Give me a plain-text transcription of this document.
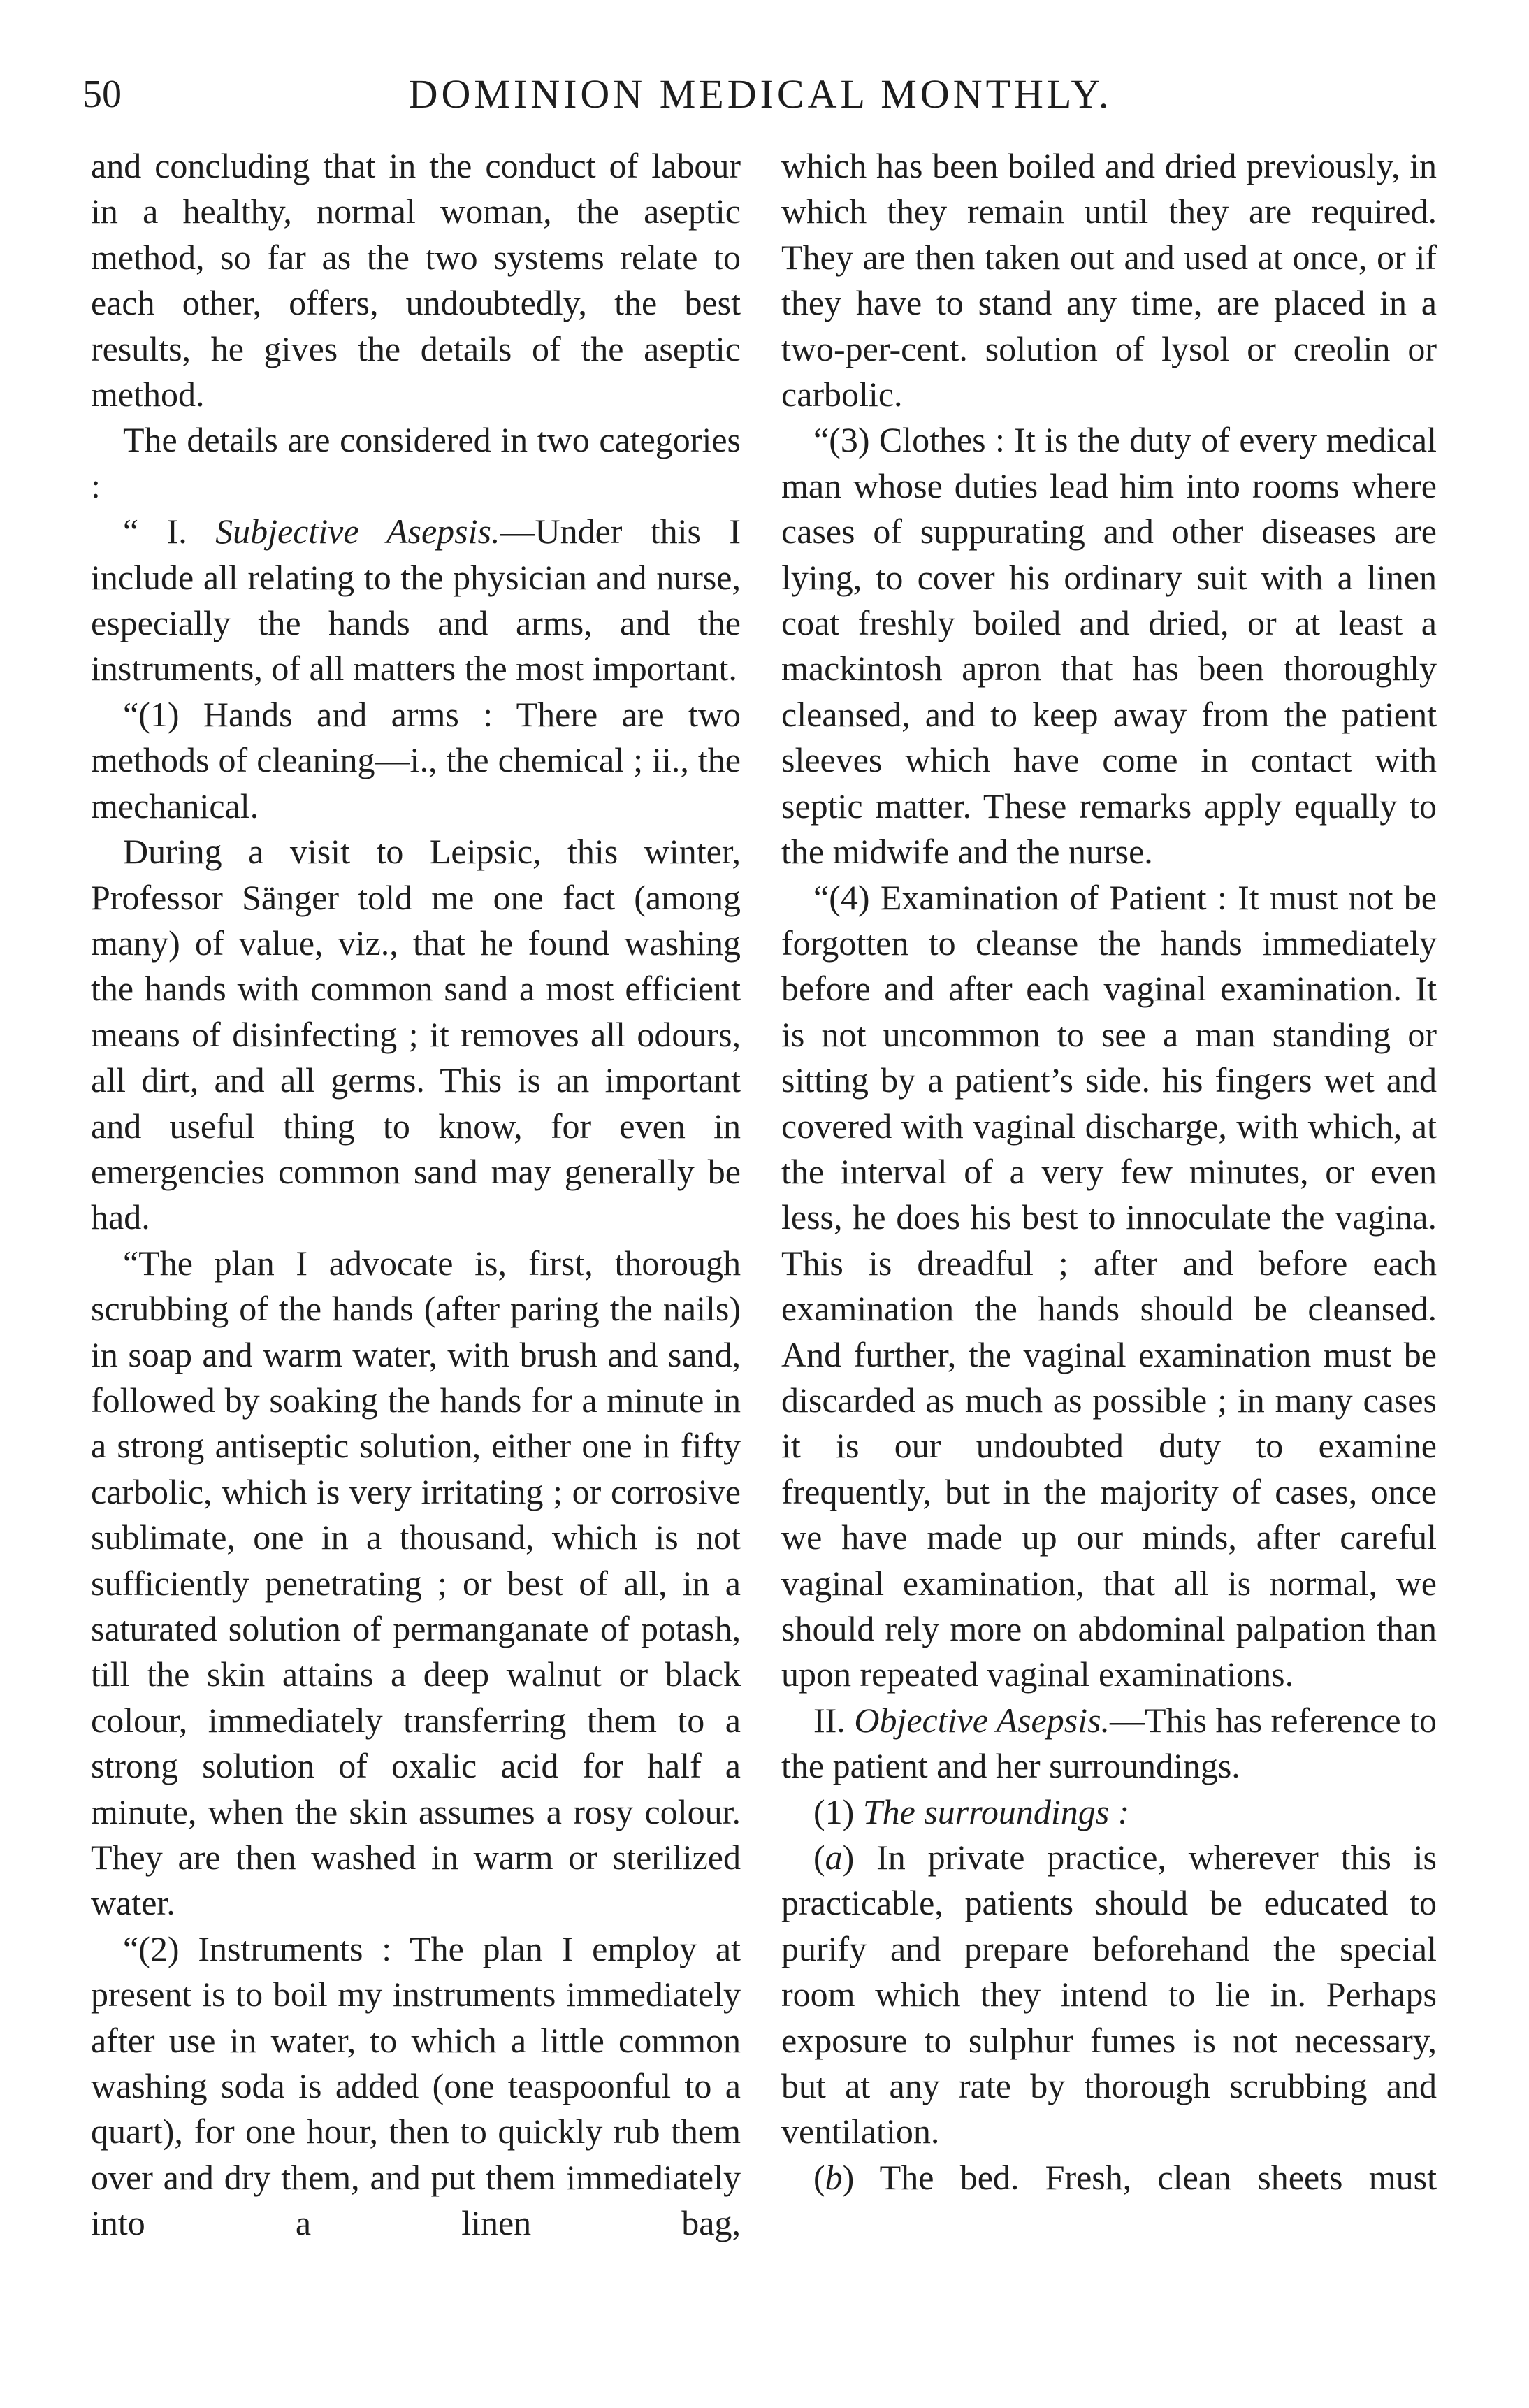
50	DOMINION MEDICAL MONTHLY.

and concluding that in the conduct of labour in a healthy, normal woman, the aseptic method, so far as the two systems relate to each other, offers, undoubtedly, the best results, he gives the details of the aseptic method.

The details are considered in two categories :

“ I. Subjective Asepsis.—Under this I include all relating to the physician and nurse, especially the hands and arms, and the instruments, of all matters the most important.

“(1) Hands and arms : There are two methods of cleaning—i., the chemical ; ii., the mechanical.

During a visit to Leipsic, this winter, Professor Sänger told me one fact (among many) of value, viz., that he found washing the hands with common sand a most efficient means of disinfecting ; it removes all odours, all dirt, and all germs. This is an important and useful thing to know, for even in emergencies common sand may generally be had.

“The plan I advocate is, first, thorough scrubbing of the hands (after paring the nails) in soap and warm water, with brush and sand, followed by soaking the hands for a minute in a strong antiseptic solution, either one in fifty carbolic, which is very irritating ; or corrosive sublimate, one in a thousand, which is not sufficiently penetrating ; or best of all, in a saturated solution of permanganate of potash, till the skin attains a deep walnut or black colour, immediately transferring them to a strong solution of oxalic acid for half a minute, when the skin assumes a rosy colour. They are then washed in warm or sterilized water.

“(2) Instruments : The plan I employ at present is to boil my instruments immediately after use in water, to which a little common washing soda is added (one teaspoonful to a quart), for one hour, then to quickly rub them over and dry them, and put them immediately into a linen bag,

which has been boiled and dried previously, in which they remain until they are required. They are then taken out and used at once, or if they have to stand any time, are placed in a two-per-cent. solution of lysol or creolin or carbolic.

“(3) Clothes : It is the duty of every medical man whose duties lead him into rooms where cases of suppurating and other diseases are lying, to cover his ordinary suit with a linen coat freshly boiled and dried, or at least a mackintosh apron that has been thoroughly cleansed, and to keep away from the patient sleeves which have come in contact with septic matter. These remarks apply equally to the midwife and the nurse.

“(4) Examination of Patient : It must not be forgotten to cleanse the hands immediately before and after each vaginal examination. It is not uncommon to see a man standing or sitting by a patient’s side. his fingers wet and covered with vaginal discharge, with which, at the interval of a very few minutes, or even less, he does his best to innoculate the vagina. This is dreadful ; after and before each examination the hands should be cleansed. And further, the vaginal examination must be discarded as much as possible ; in many cases it is our undoubted duty to examine frequently, but in the majority of cases, once we have made up our minds, after careful vaginal examination, that all is normal, we should rely more on abdominal palpation than upon repeated vaginal examinations.

II. Objective Asepsis.—This has reference to the patient and her surroundings.

(1) The surroundings :

(a) In private practice, wherever this is practicable, patients should be educated to purify and prepare beforehand the special room which they intend to lie in. Perhaps exposure to sulphur fumes is not necessary, but at any rate by thorough scrubbing and ventilation.

(b) The bed. Fresh, clean sheets must
